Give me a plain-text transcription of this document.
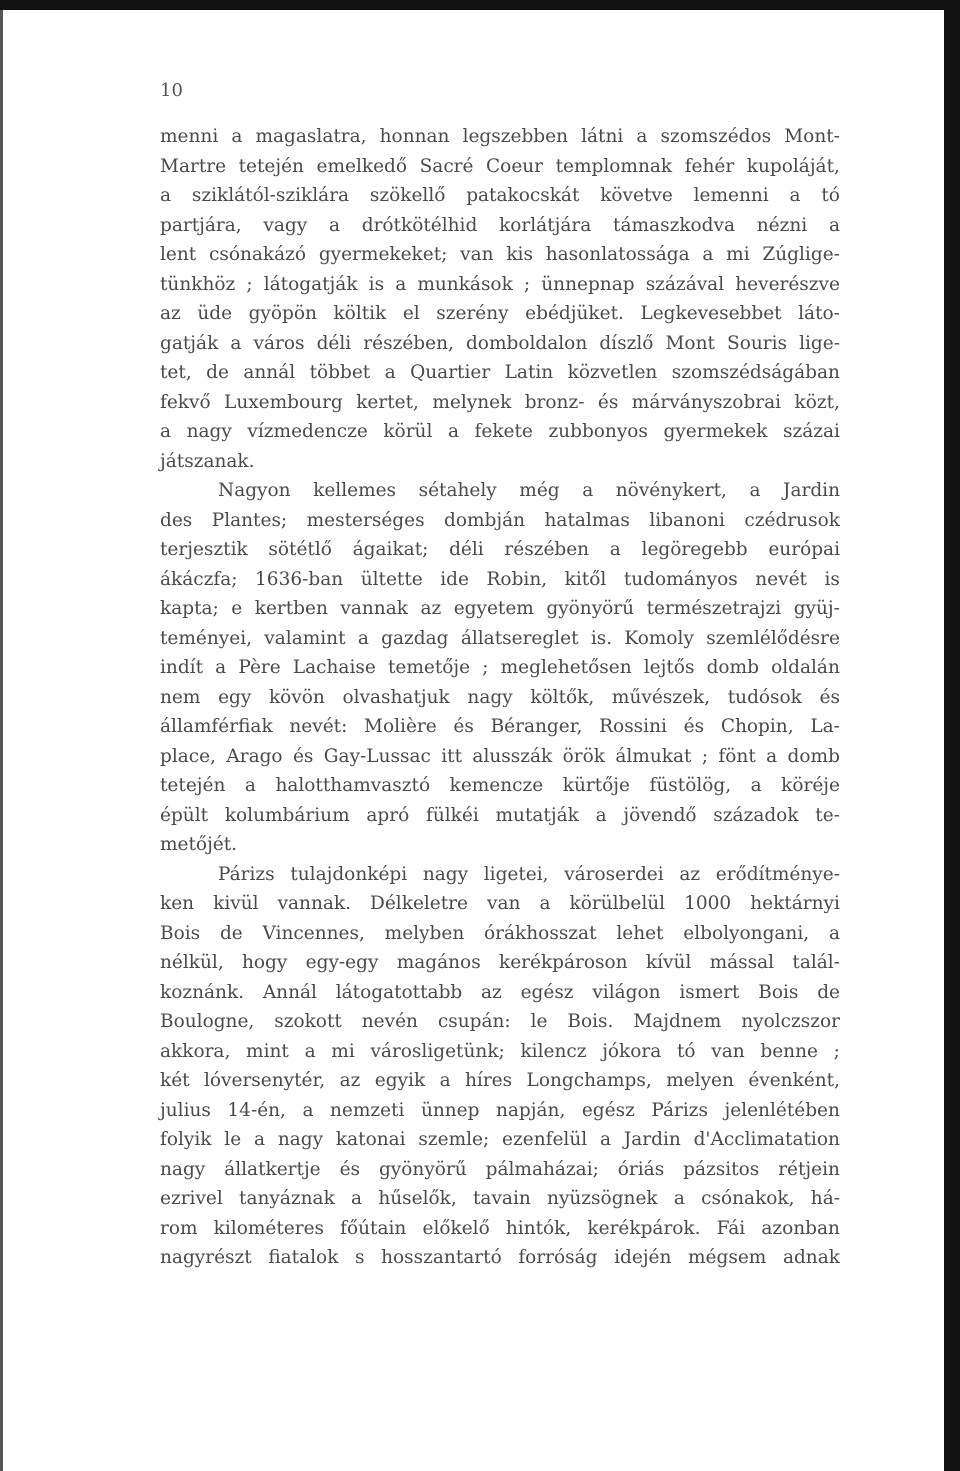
10
menni a magaslatra, honnan legszebben látni a szomszédos Mont-
Martre tetején emelkedő Sacré Coeur templomnak fehér kupoláját,
a sziklától-sziklára szökellő patakocskát követve lemenni a tó
partjára, vagy a drótkötélhid korlátjára támaszkodva nézni a
lent csónakázó gyermekeket; van kis hasonlatossága a mi Zúglige-
tünkhöz ; látogatják is a munkások ; ünnepnap százával heverészve
az üde gyöpön költik el szerény ebédjüket. Legkevesebbet láto-
gatják a város déli részében, domboldalon díszlő Mont Souris lige-
tet, de annál többet a Quartier Latin közvetlen szomszédságában
fekvő Luxembourg kertet, melynek bronz- és márványszobrai közt,
a nagy vízmedencze körül a fekete zubbonyos gyermekek százai
játszanak.
Nagyon kellemes sétahely még a növénykert, a Jardin
des Plantes; mesterséges dombján hatalmas libanoni czédrusok
terjesztik sötétlő ágaikat; déli részében a legöregebb európai
ákáczfa; 1636-ban ültette ide Robin, kitől tudományos nevét is
kapta; e kertben vannak az egyetem gyönyörű természetrajzi gyüj-
teményei, valamint a gazdag állatsereglet is. Komoly szemlélődésre
indít a Père Lachaise temetője ; meglehetősen lejtős domb oldalán
nem egy kövön olvashatjuk nagy költők, művészek, tudósok és
államférfiak nevét: Molière és Béranger, Rossini és Chopin, La-
place, Arago és Gay-Lussac itt alusszák örök álmukat ; fönt a domb
tetején a halotthamvasztó kemencze kürtője füstölög, a köréje
épült kolumbárium apró fülkéi mutatják a jövendő századok te-
metőjét.
Párizs tulajdonképi nagy ligetei, városerdei az erődítménye-
ken kivül vannak. Délkeletre van a körülbelül 1000 hektárnyi
Bois de Vincennes, melyben órákhosszat lehet elbolyongani, a
nélkül, hogy egy-egy magános kerékpároson kívül mással talál-
koznánk. Annál látogatottabb az egész világon ismert Bois de
Boulogne, szokott nevén csupán: le Bois. Majdnem nyolczszor
akkora, mint a mi városligetünk; kilencz jókora tó van benne ;
két lóversenytér, az egyik a híres Longchamps, melyen évenként,
julius 14-én, a nemzeti ünnep napján, egész Párizs jelenlétében
folyik le a nagy katonai szemle; ezenfelül a Jardin d'Acclimatation
nagy állatkertje és gyönyörű pálmaházai; óriás pázsitos rétjein
ezrivel tanyáznak a hűselők, tavain nyüzsögnek a csónakok, há-
rom kilométeres főútain előkelő hintók, kerékpárok. Fái azonban
nagyrészt fiatalok s hosszantartó forróság idején mégsem adnak
